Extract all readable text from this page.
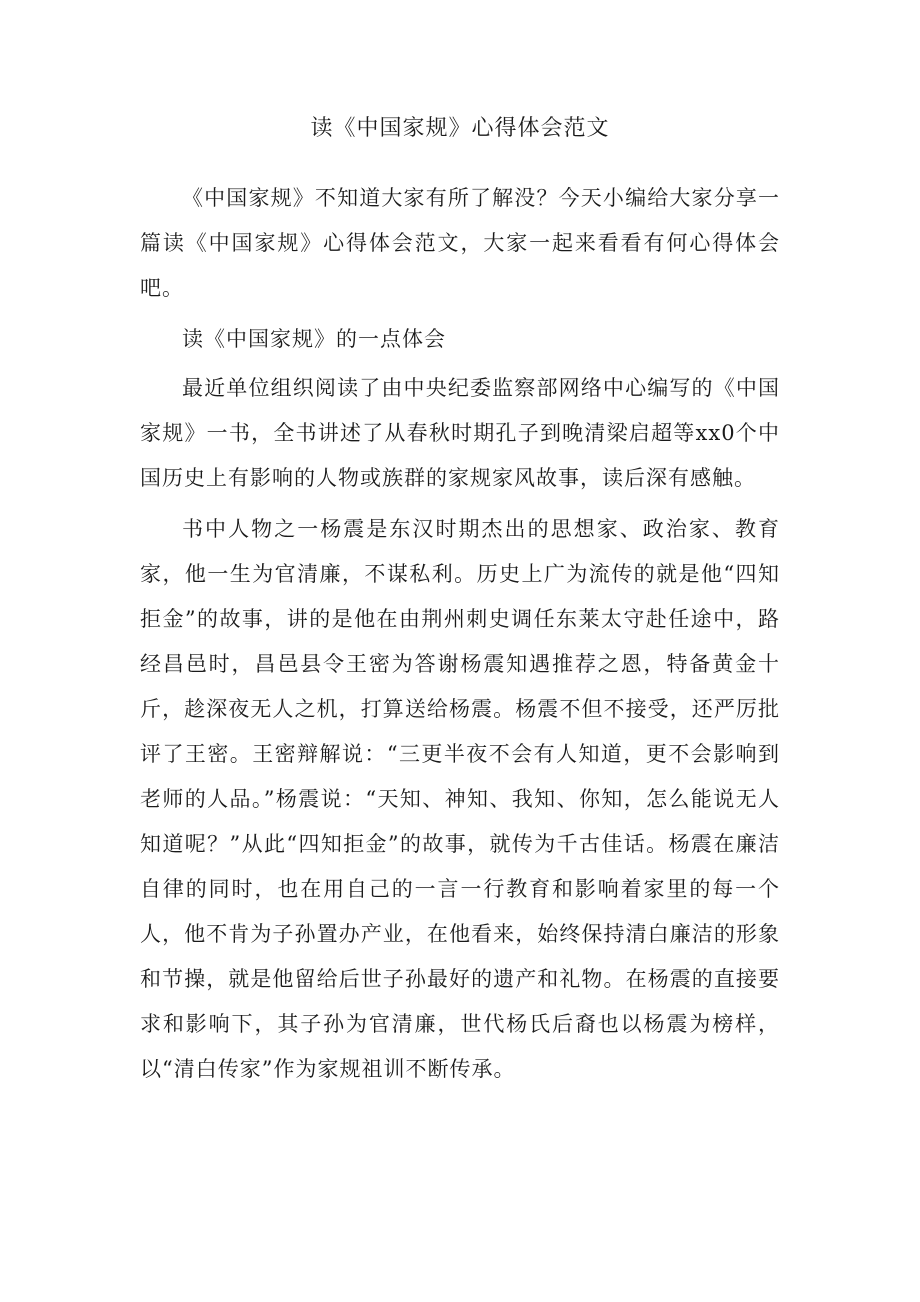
读《中国家规》心得体会范文

《中国家规》不知道大家有所了解没？今天小编给大家分享一篇读《中国家规》心得体会范文，大家一起来看看有何心得体会吧。

读《中国家规》的一点体会

最近单位组织阅读了由中央纪委监察部网络中心编写的《中国家规》一书，全书讲述了从春秋时期孔子到晚清梁启超等xx0个中国历史上有影响的人物或族群的家规家风故事，读后深有感触。

书中人物之一杨震是东汉时期杰出的思想家、政治家、教育家，他一生为官清廉，不谋私利。历史上广为流传的就是他“四知拒金”的故事，讲的是他在由荆州刺史调任东莱太守赴任途中，路经昌邑时，昌邑县令王密为答谢杨震知遇推荐之恩，特备黄金十斤，趁深夜无人之机，打算送给杨震。杨震不但不接受，还严厉批评了王密。王密辩解说：“三更半夜不会有人知道，更不会影响到老师的人品。”杨震说：“天知、神知、我知、你知，怎么能说无人知道呢？”从此“四知拒金”的故事，就传为千古佳话。杨震在廉洁自律的同时，也在用自己的一言一行教育和影响着家里的每一个人，他不肯为子孙置办产业，在他看来，始终保持清白廉洁的形象和节操，就是他留给后世子孙最好的遗产和礼物。在杨震的直接要求和影响下，其子孙为官清廉，世代杨氏后裔也以杨震为榜样，以“清白传家”作为家规祖训不断传承。
